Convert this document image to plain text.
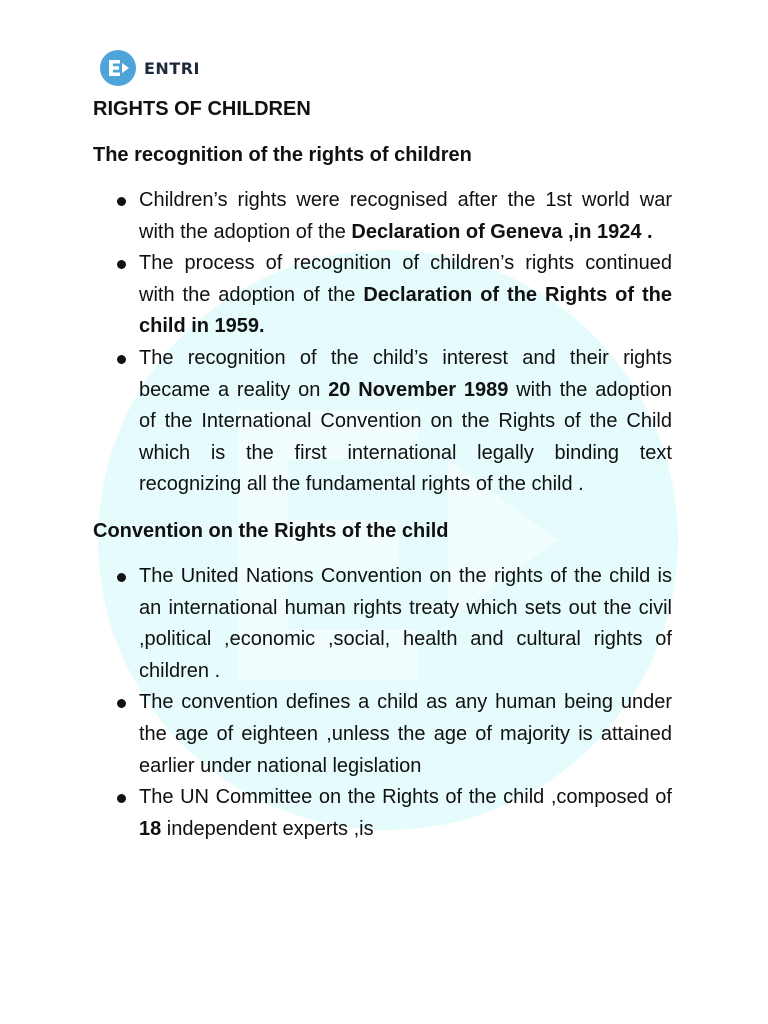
ENTRI
RIGHTS OF CHILDREN
The recognition of the rights of children
Children’s rights were recognised after the 1st world war with the adoption of the Declaration of Geneva ,in 1924 .
The process of recognition of children’s rights continued with the adoption of the Declaration of the Rights of the child in 1959.
The recognition of the child’s interest and their rights became a reality on 20 November 1989 with the adoption of the International Convention on the Rights of the Child which is the first international legally binding text recognizing all the fundamental rights of the child .
Convention on the Rights of the child
The United Nations Convention on the rights of the child is an international human rights treaty which sets out the civil ,political ,economic ,social, health and cultural rights of children .
The convention defines a child as any human being under the age of eighteen ,unless the age of majority is attained earlier under national legislation
The UN Committee on the Rights of the child ,composed of 18 independent experts ,is
